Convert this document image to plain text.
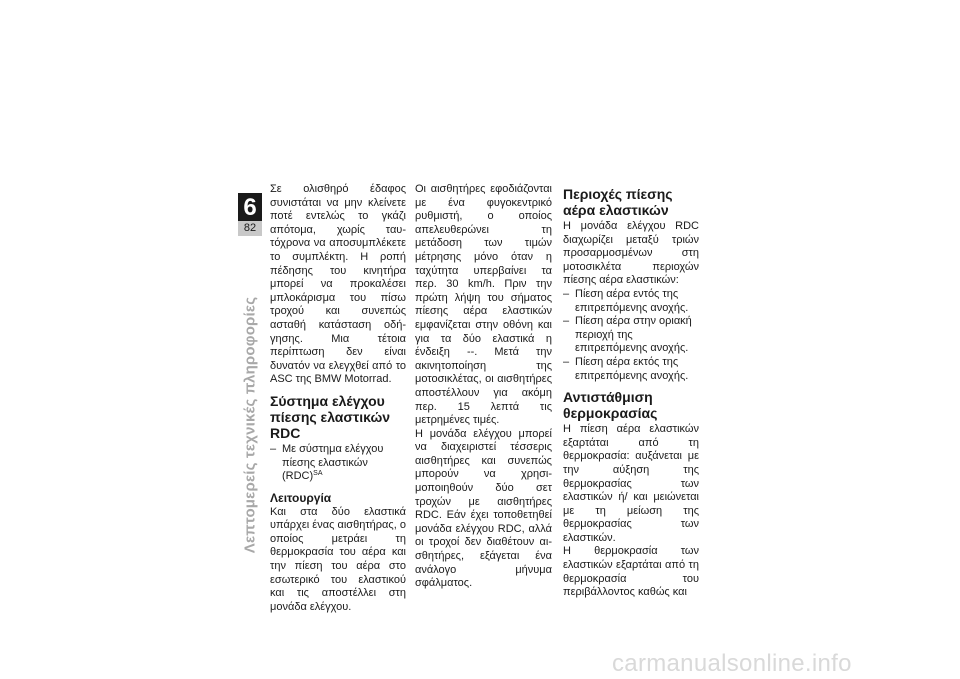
6
82
Λεπτομερείς τεχνικές πληροφορίες

Σε ολισθηρό έδαφος συνιστάται να μην κλείνετε ποτέ εντελώς το γκάζι απότομα, χωρίς ταυτόχρονα να αποσυμπλέκετε το συμπλέκτη. Η ροπή πέδησης του κινητήρα μπορεί να προκαλέσει μπλοκάρισμα του πίσω τροχού και συνεπώς ασταθή κατάσταση οδήγησης. Μια τέτοια περίπτωση δεν είναι δυνατόν να ελεγχθεί από το ASC της BMW Motorrad.

Σύστημα ελέγχου πίεσης ελαστικών RDC
– Με σύστημα ελέγχου πίεσης ελαστικών (RDC)$^{SA}$
Λειτουργία

Και στα δύο ελαστικά υπάρχει ένας αισθητήρας, ο οποίος μετράει τη θερμοκρασία του αέρα και την πίεση του αέρα στο εσωτερικό του ελαστικού και τις αποστέλλει στη μονάδα ελέγχου.

Οι αισθητήρες εφοδιάζονται με ένα φυγοκεντρικό ρυθμιστή, ο οποίος απελευθερώνει τη μετάδοση των τιμών μέτρησης μόνο όταν η ταχύτητα υπερβαίνει τα περ. 30 km/h. Πριν την πρώτη λήψη του σήματος πίεσης αέρα ελαστικών εμφανίζεται στην οθόνη και για τα δύο ελαστικά η ένδειξη --. Μετά την ακινητοποίηση της μοτοσικλέτας, οι αισθητήρες αποστέλλουν για ακόμη περ. 15 λεπτά τις μετρημένες τιμές.

Η μονάδα ελέγχου μπορεί να διαχειριστεί τέσσερις αισθητήρες και συνεπώς μπορούν να χρησιμοποιηθούν δύο σετ τροχών με αισθητήρες RDC. Εάν έχει τοποθετηθεί μονάδα ελέγχου RDC, αλλά οι τροχοί δεν διαθέτουν αισθητήρες, εξάγεται ένα ανάλογο μήνυμα σφάλματος.

Περιοχές πίεσης αέρα ελαστικών

Η μονάδα ελέγχου RDC διαχωρίζει μεταξύ τριών προσαρμοσμένων στη μοτοσικλέτα περιοχών πίεσης αέρα ελαστικών:

– Πίεση αέρα εντός της επιτρεπόμενης ανοχής.
– Πίεση αέρα στην οριακή περιοχή της επιτρεπόμενης ανοχής.
– Πίεση αέρα εκτός της επιτρεπόμενης ανοχής.
Αντιστάθμιση θερμοκρασίας

Η πίεση αέρα ελαστικών εξαρτάται από τη θερμοκρασία: αυξάνεται με την αύξηση της θερμοκρασίας των ελαστικών ή/ και μειώνεται με τη μείωση της θερμοκρασίας των ελαστικών.

Η θερμοκρασία των ελαστικών εξαρτάται από τη θερμοκρασία του περιβάλλοντος καθώς και

carmanualsonline.info
